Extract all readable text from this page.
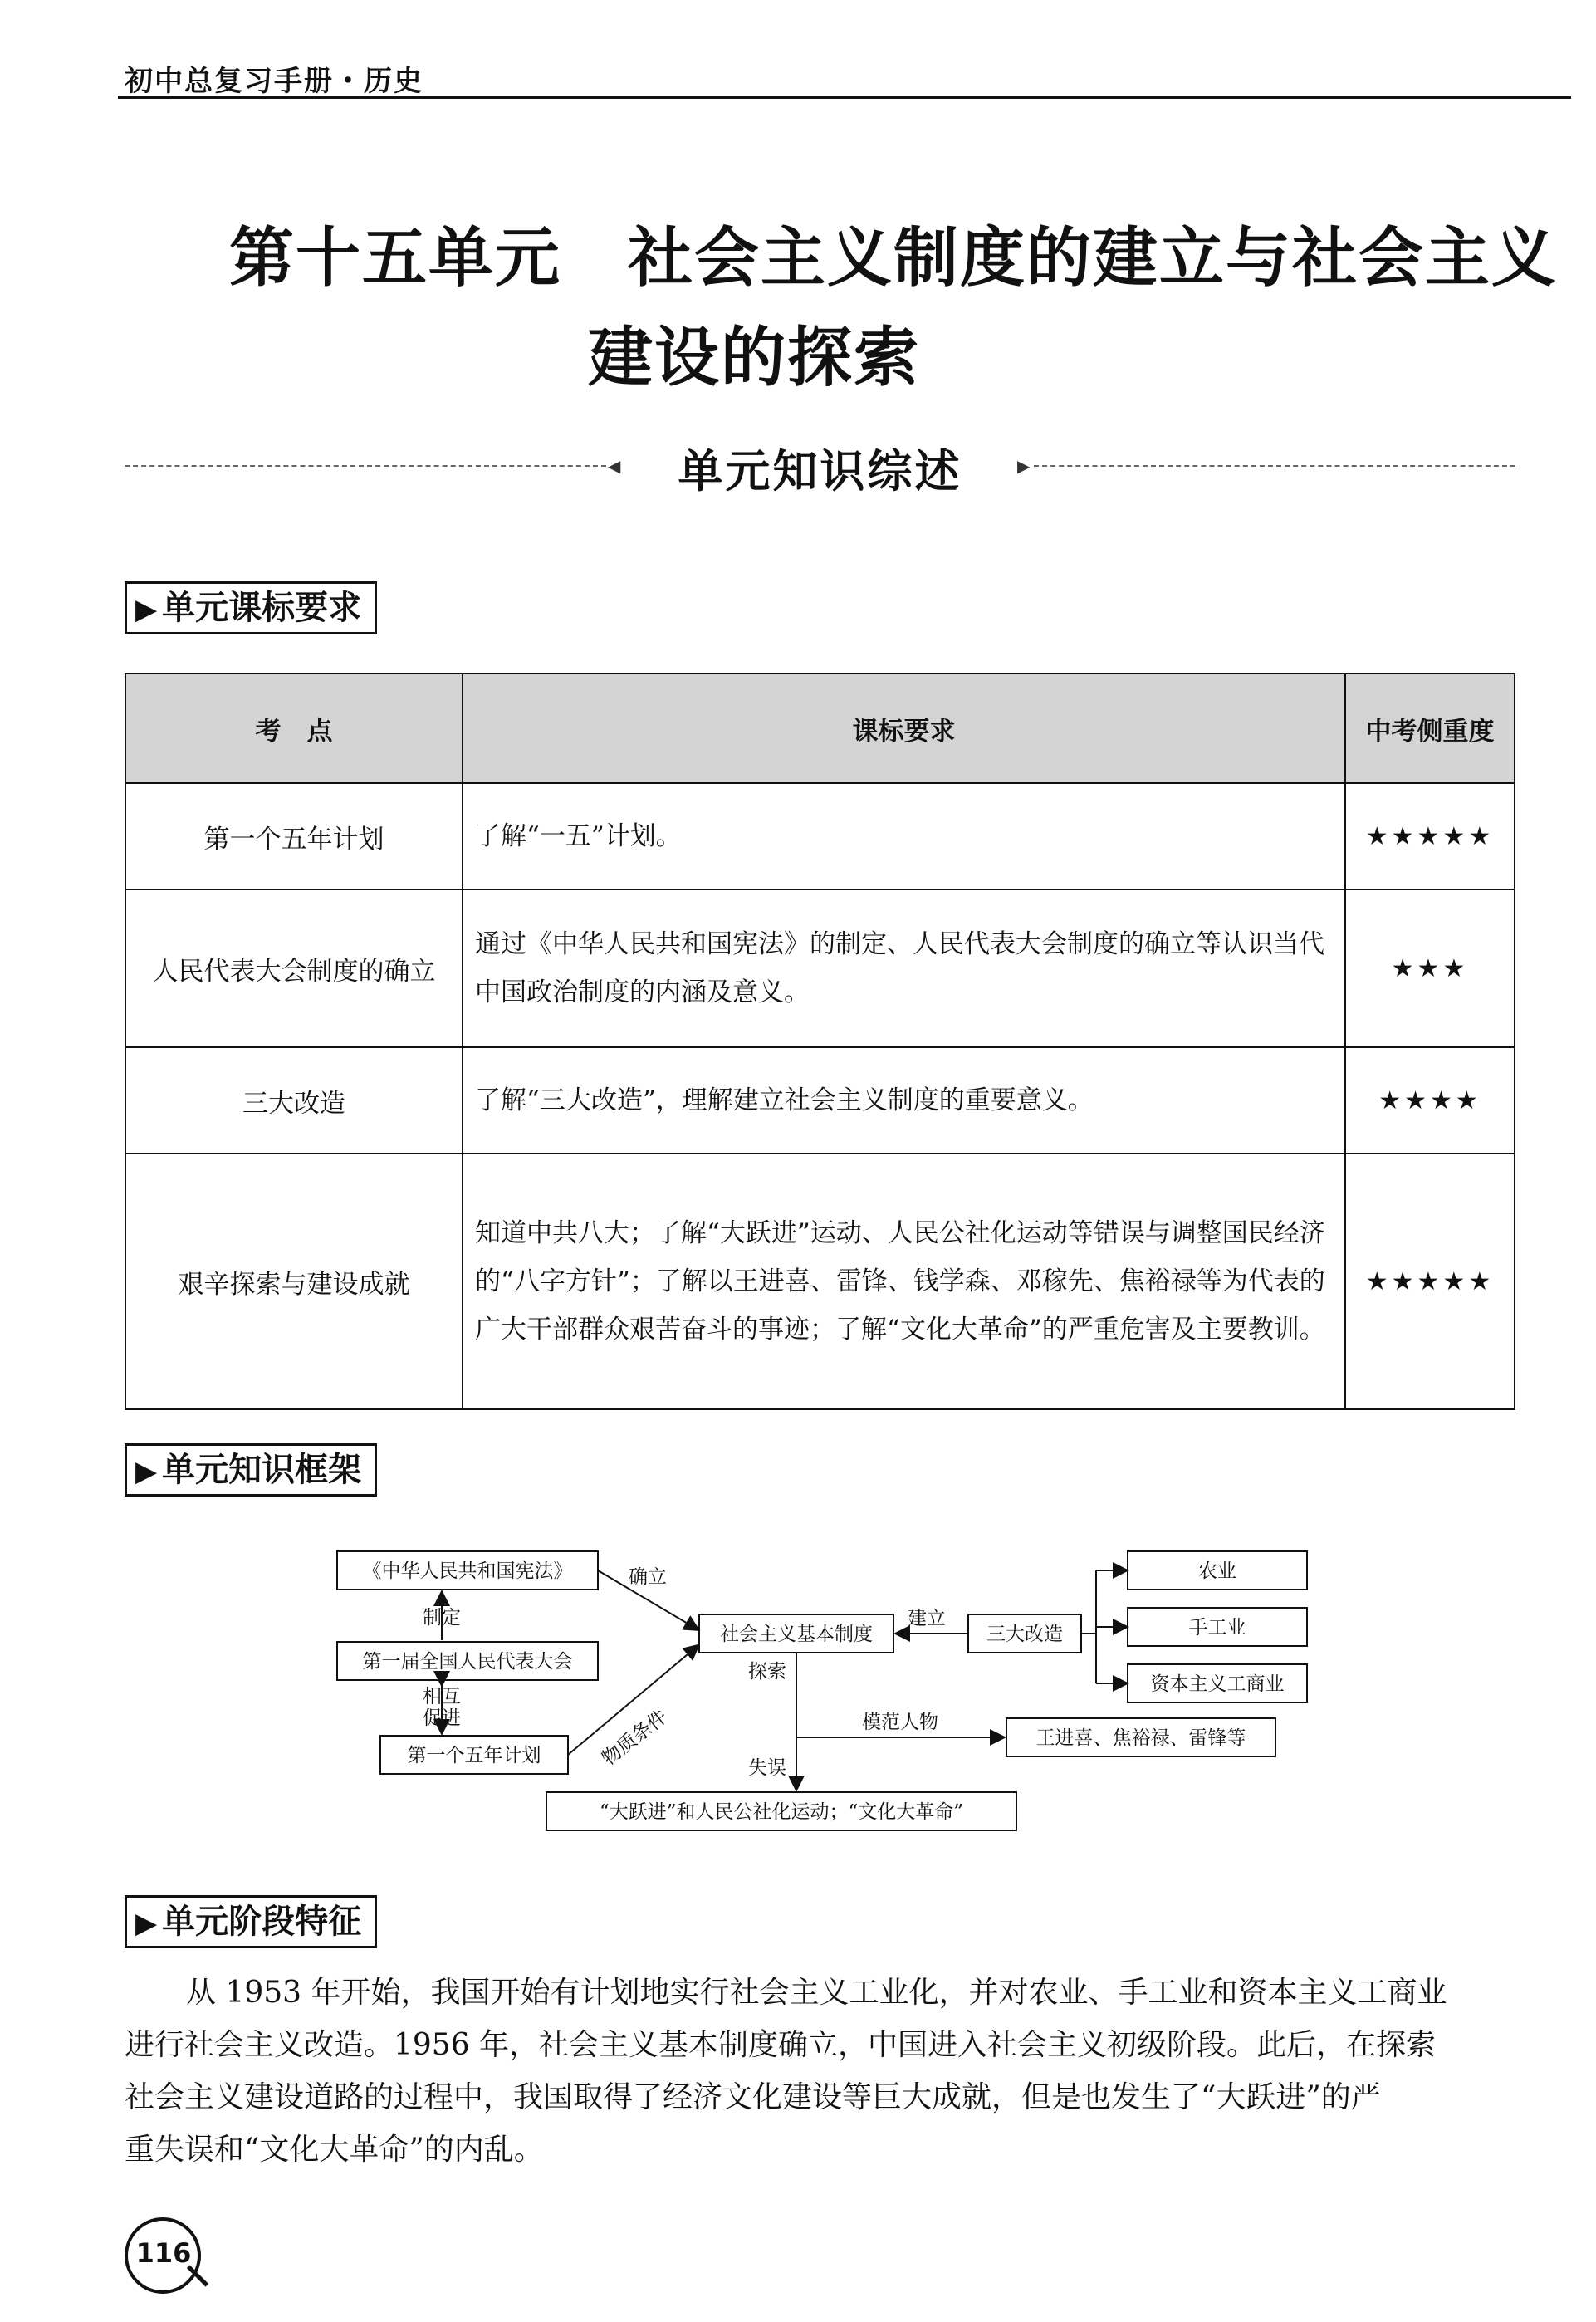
初中总复习手册・历史
第十五单元　社会主义制度的建立与社会主义
建设的探索
◀	单元知识综述	▶
▶ 单元课标要求
考　点	课标要求	中考侧重度
第一个五年计划	了解“一五”计划。	★★★★★
人民代表大会制度的确立	通过《中华人民共和国宪法》的制定、人民代表大会制度的确立等认识当代中国政治制度的内涵及意义。	★★★
三大改造	了解“三大改造”，理解建立社会主义制度的重要意义。	★★★★
艰辛探索与建设成就	知道中共八大；了解“大跃进”运动、人民公社化运动等错误与调整国民经济的“八字方针”；了解以王进喜、雷锋、钱学森、邓稼先、焦裕禄等为代表的广大干部群众艰苦奋斗的事迹；了解“文化大革命”的严重危害及主要教训。	★★★★★
▶ 单元知识框架
《中华人民共和国宪法》
第一届全国人民代表大会
第一个五年计划
社会主义基本制度	三大改造
农业
手工业
资本主义工商业
王进喜、焦裕禄、雷锋等
“大跃进”和人民公社化运动；“文化大革命”
确立
制定
相互
促进	物质条件
建立
探索
模范人物
失误
▶ 单元阶段特征
从 1953 年开始，我国开始有计划地实行社会主义工业化，并对农业、手工业和资本主义工商业
进行社会主义改造。1956 年，社会主义基本制度确立，中国进入社会主义初级阶段。此后，在探索
社会主义建设道路的过程中，我国取得了经济文化建设等巨大成就，但是也发生了“大跃进”的严
重失误和“文化大革命”的内乱。
116
